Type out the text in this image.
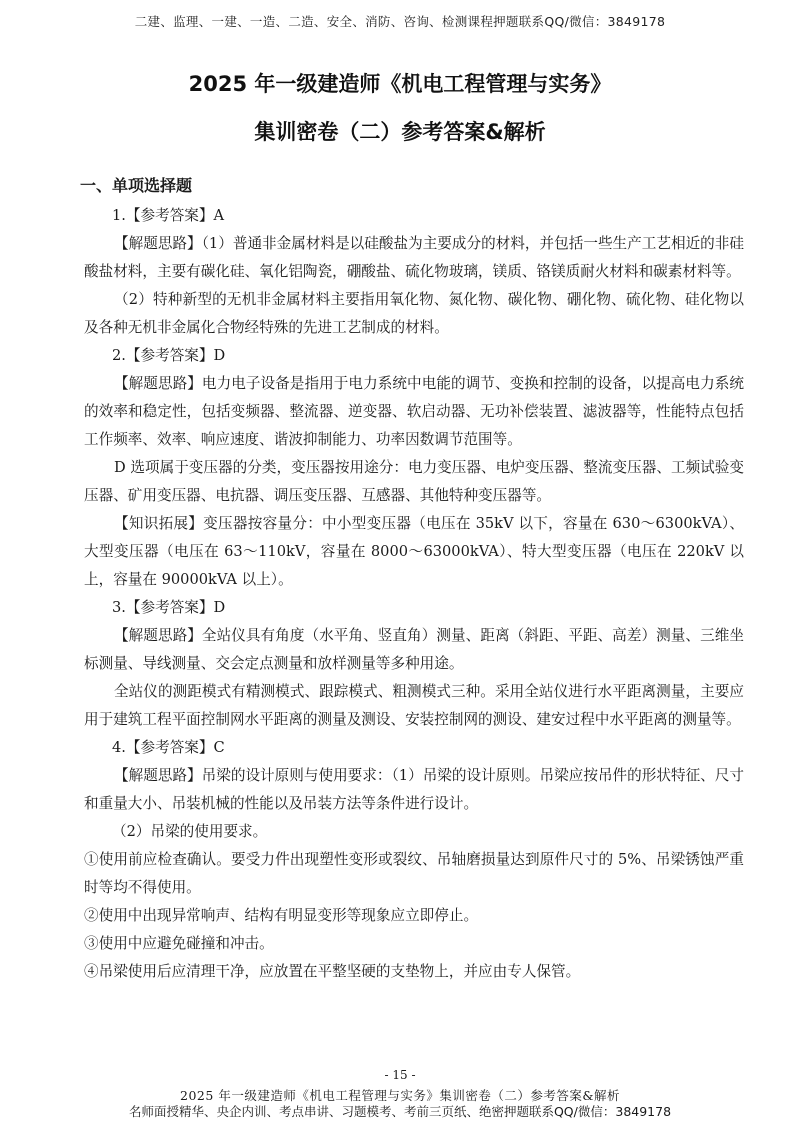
二建、监理、一建、一造、二造、安全、消防、咨询、检测课程押题联系QQ/微信：3849178
2025 年一级建造师《机电工程管理与实务》
集训密卷（二）参考答案&解析
一、单项选择题

1.【参考答案】A

【解题思路】（1）普通非金属材料是以硅酸盐为主要成分的材料，并包括一些生产工艺相近的非硅酸盐材料，主要有碳化硅、氧化铝陶瓷，硼酸盐、硫化物玻璃，镁质、铬镁质耐火材料和碳素材料等。

（2）特种新型的无机非金属材料主要指用氧化物、氮化物、碳化物、硼化物、硫化物、硅化物以及各种无机非金属化合物经特殊的先进工艺制成的材料。

2.【参考答案】D

【解题思路】电力电子设备是指用于电力系统中电能的调节、变换和控制的设备，以提高电力系统的效率和稳定性，包括变频器、整流器、逆变器、软启动器、无功补偿装置、滤波器等，性能特点包括工作频率、效率、响应速度、谐波抑制能力、功率因数调节范围等。

D 选项属于变压器的分类，变压器按用途分：电力变压器、电炉变压器、整流变压器、工频试验变压器、矿用变压器、电抗器、调压变压器、互感器、其他特种变压器等。

【知识拓展】变压器按容量分：中小型变压器（电压在 35kV 以下，容量在 630～6300kVA）、大型变压器（电压在 63～110kV，容量在 8000～63000kVA）、特大型变压器（电压在 220kV 以上，容量在 90000kVA 以上）。

3.【参考答案】D

【解题思路】全站仪具有角度（水平角、竖直角）测量、距离（斜距、平距、高差）测量、三维坐标测量、导线测量、交会定点测量和放样测量等多种用途。

全站仪的测距模式有精测模式、跟踪模式、粗测模式三种。采用全站仪进行水平距离测量，主要应用于建筑工程平面控制网水平距离的测量及测设、安装控制网的测设、建安过程中水平距离的测量等。

4.【参考答案】C

【解题思路】吊梁的设计原则与使用要求：（1）吊梁的设计原则。吊梁应按吊件的形状特征、尺寸和重量大小、吊装机械的性能以及吊装方法等条件进行设计。

（2）吊梁的使用要求。

①使用前应检查确认。要受力件出现塑性变形或裂纹、吊轴磨损量达到原件尺寸的 5%、吊梁锈蚀严重时等均不得使用。

②使用中出现异常响声、结构有明显变形等现象应立即停止。

③使用中应避免碰撞和冲击。

④吊梁使用后应清理干净，应放置在平整坚硬的支垫物上，并应由专人保管。

- 15 -
2025 年一级建造师《机电工程管理与实务》集训密卷（二）参考答案&解析
名师面授精华、央企内训、考点串讲、习题模考、考前三页纸、绝密押题联系QQ/微信：3849178
